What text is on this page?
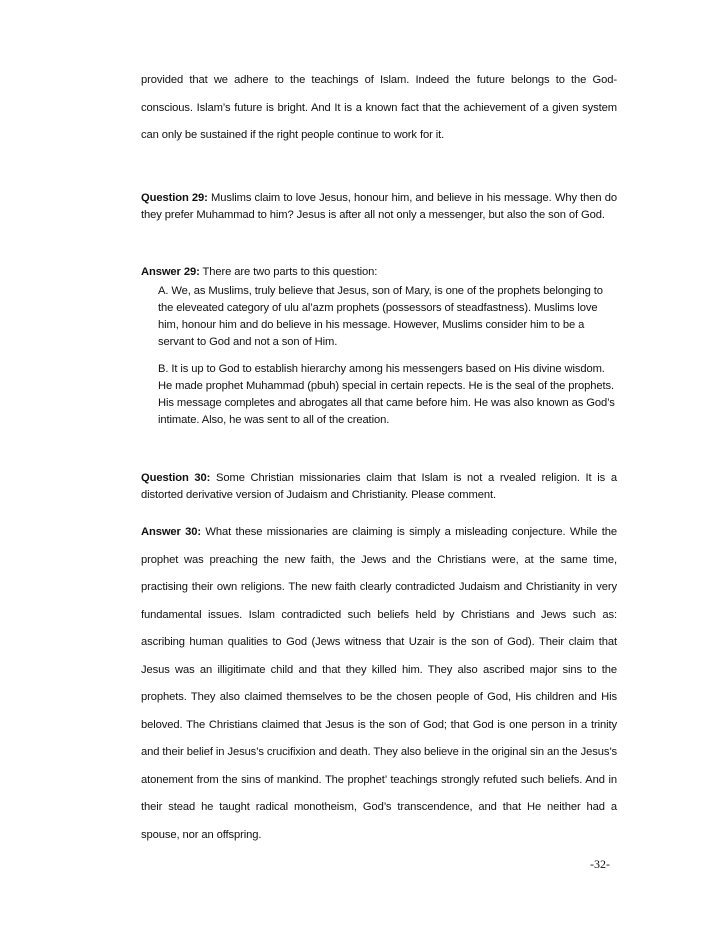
provided that we adhere to the teachings of Islam. Indeed the future belongs to the God-conscious. Islam’s future is bright. And It is a known fact that the achievement of a given system can only be sustained if the right people continue to work for it.

Question 29: Muslims claim to love Jesus, honour him, and believe in his message. Why then do they prefer Muhammad to him? Jesus is after all not only a messenger, but also the son of God.

Answer 29: There are two parts to this question:

A. We, as Muslims, truly believe that Jesus, son of Mary, is one of the prophets belonging to the eleveated category of ulu al’azm prophets (possessors of steadfastness). Muslims love him, honour him and do believe in his message. However, Muslims consider him to be a servant to God and not a son of Him.

B. It is up to God to establish hierarchy among his messengers based on His divine wisdom. He made prophet Muhammad (pbuh) special in certain repects. He is the seal of the prophets. His message completes and abrogates all that came before him. He was also known as God’s intimate. Also, he was sent to all of the creation.

Question 30: Some Christian missionaries claim that Islam is not a rvealed religion. It is a distorted derivative version of Judaism and Christianity. Please comment.

Answer 30: What these missionaries are claiming is simply a misleading conjecture. While the prophet was preaching the new faith, the Jews and the Christians were, at the same time, practising their own religions. The new faith clearly contradicted Judaism and Christianity in very fundamental issues. Islam contradicted such beliefs held by Christians and Jews such as: ascribing human qualities to God (Jews witness that Uzair is the son of God). Their claim that Jesus was an illigitimate child and that they killed him. They also ascribed major sins to the prophets. They also claimed themselves to be the chosen people of God, His children and His beloved. The Christians claimed that Jesus is the son of God; that God is one person in a trinity and their belief in Jesus’s crucifixion and death. They also believe in the original sin an the Jesus’s atonement from the sins of mankind. The prophet’ teachings strongly refuted such beliefs. And in their stead he taught radical monotheism, God’s transcendence, and that He neither had a spouse, nor an offspring.

-32-
